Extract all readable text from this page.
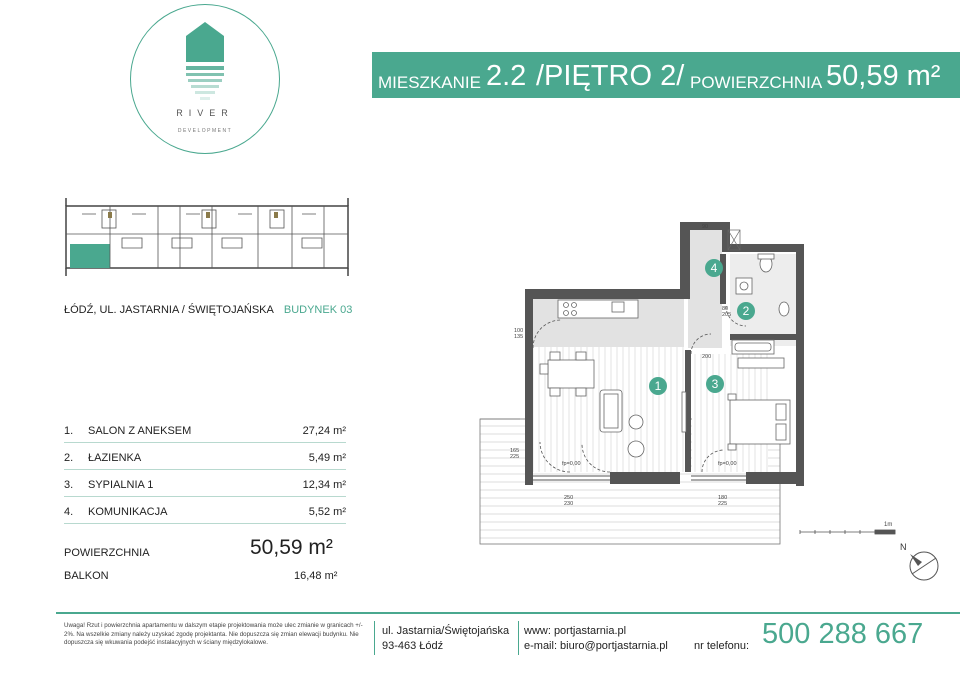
RIVER
DEVELOPMENT
MIESZKANIE 2.2 /PIĘTRO 2/ POWIERZCHNIA 50,59 m²
ŁÓDŹ, UL. JASTARNIA / ŚWIĘTOJAŃSKA BUDYNEK 03
1. SALON Z ANEKSEM	27,24 m²
2. ŁAZIENKA	5,49 m²
3. SYPIALNIA 1	12,34 m²
4. KOMUNIKACJA	5,52 m²
POWIERZCHNIA	50,59 m²
BALKON	16,48 m²
1
2
3
4
100
135
90
80
205
200
165
225
fp=0,00	fp=0,00
250
230
180
225
1m
N
Uwaga! Rzut i powierzchnia apartamentu w dalszym etapie projektowania może ulec zmianie w granicach +/- 2%. Na wszelkie zmiany należy uzyskać zgodę projektanta. Nie dopuszcza się zmian elewacji budynku. Nie dopuszcza się wkuwania podejść instalacyjnych w ściany międzylokalowe.
ul. Jastarnia/Świętojańska
93-463 Łódź
www: portjastarnia.pl
e-mail: biuro@portjastarnia.pl nr telefonu: 500 288 667
